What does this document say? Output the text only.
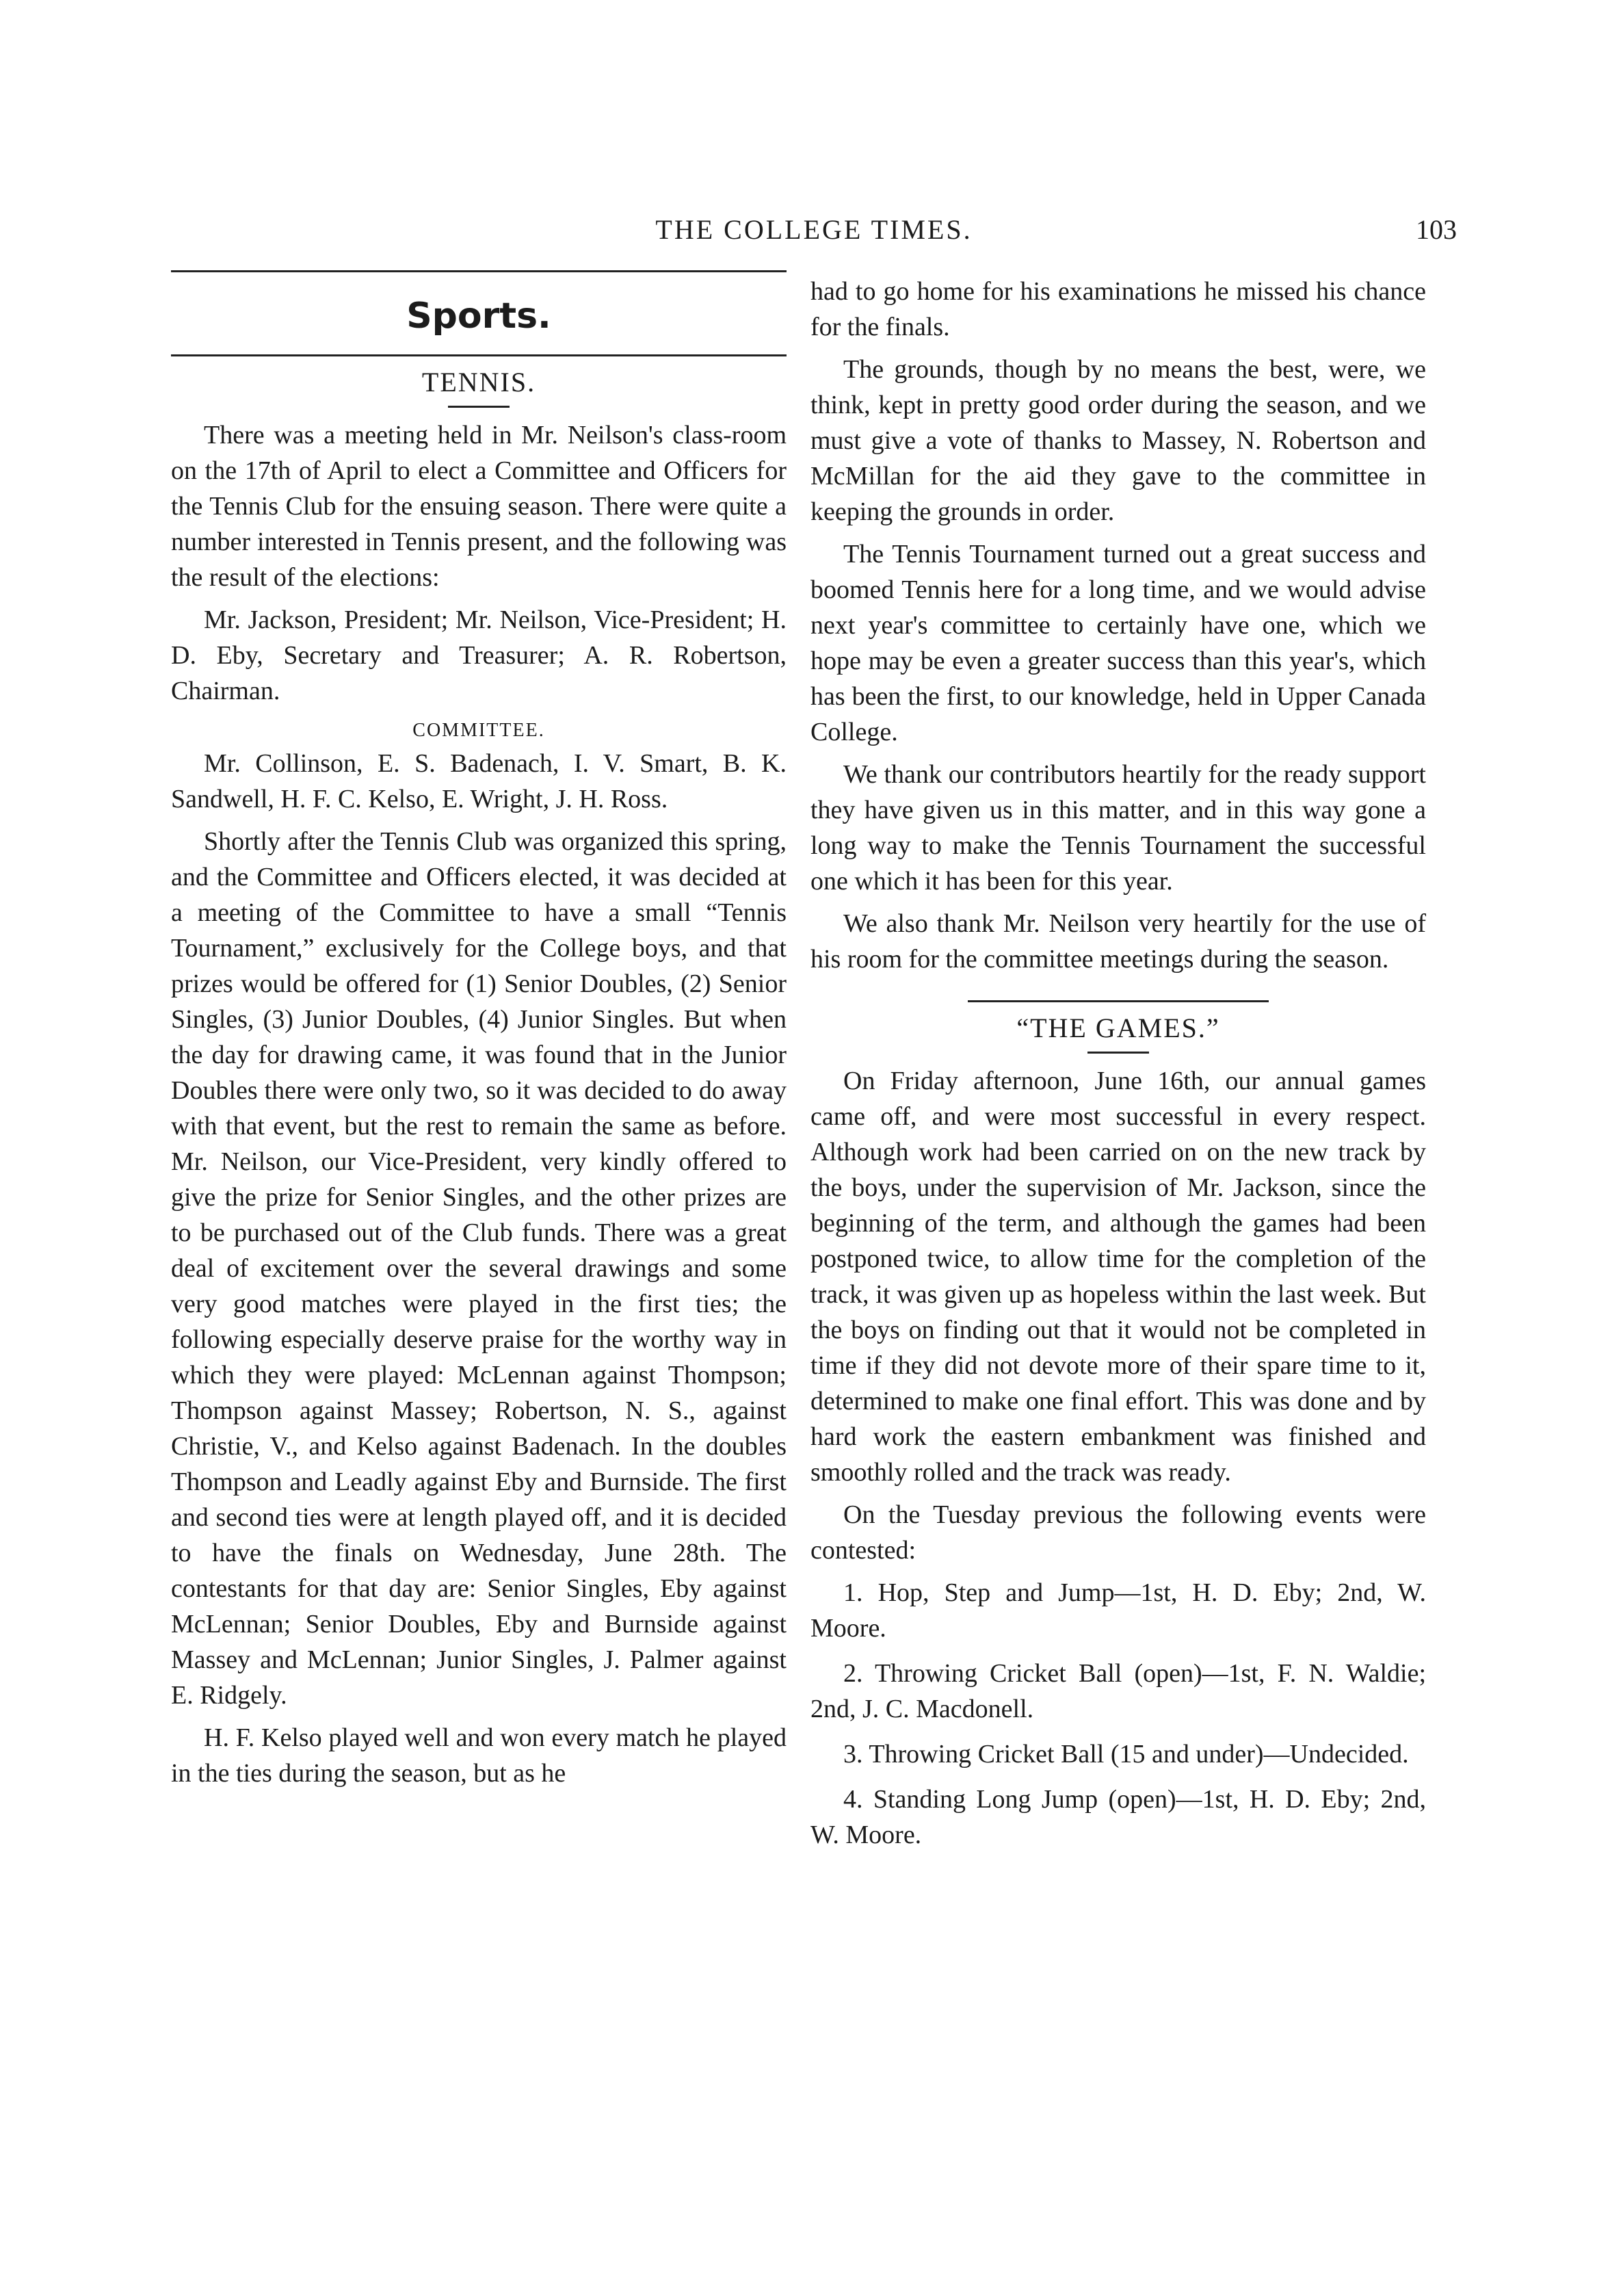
THE COLLEGE TIMES.	103
Sports.
TENNIS.

There was a meeting held in Mr. Neilson's class-room on the 17th of April to elect a Committee and Officers for the Tennis Club for the ensuing season. There were quite a number interested in Tennis present, and the following was the result of the elections:

Mr. Jackson, President; Mr. Neilson, Vice-President; H. D. Eby, Secretary and Treasurer; A. R. Robertson, Chairman.

COMMITTEE.

Mr. Collinson, E. S. Badenach, I. V. Smart, B. K. Sandwell, H. F. C. Kelso, E. Wright, J. H. Ross.

Shortly after the Tennis Club was organized this spring, and the Committee and Officers elected, it was decided at a meeting of the Committee to have a small “Tennis Tournament,” exclusively for the College boys, and that prizes would be offered for (1) Senior Doubles, (2) Senior Singles, (3) Junior Doubles, (4) Junior Singles. But when the day for drawing came, it was found that in the Junior Doubles there were only two, so it was decided to do away with that event, but the rest to remain the same as before. Mr. Neilson, our Vice-President, very kindly offered to give the prize for Senior Singles, and the other prizes are to be purchased out of the Club funds. There was a great deal of excitement over the several drawings and some very good matches were played in the first ties; the following especially deserve praise for the worthy way in which they were played: McLennan against Thompson; Thompson against Massey; Robertson, N. S., against Christie, V., and Kelso against Badenach. In the doubles Thompson and Leadly against Eby and Burnside. The first and second ties were at length played off, and it is decided to have the finals on Wednesday, June 28th. The contestants for that day are: Senior Singles, Eby against McLennan; Senior Doubles, Eby and Burnside against Massey and McLennan; Junior Singles, J. Palmer against E. Ridgely.

H. F. Kelso played well and won every match he played in the ties during the season, but as he

had to go home for his examinations he missed his chance for the finals.

The grounds, though by no means the best, were, we think, kept in pretty good order during the season, and we must give a vote of thanks to Massey, N. Robertson and McMillan for the aid they gave to the committee in keeping the grounds in order.

The Tennis Tournament turned out a great success and boomed Tennis here for a long time, and we would advise next year's committee to certainly have one, which we hope may be even a greater success than this year's, which has been the first, to our knowledge, held in Upper Canada College.

We thank our contributors heartily for the ready support they have given us in this matter, and in this way gone a long way to make the Tennis Tournament the successful one which it has been for this year.

We also thank Mr. Neilson very heartily for the use of his room for the committee meetings during the season.

“THE GAMES.”

On Friday afternoon, June 16th, our annual games came off, and were most successful in every respect. Although work had been carried on on the new track by the boys, under the supervision of Mr. Jackson, since the beginning of the term, and although the games had been postponed twice, to allow time for the completion of the track, it was given up as hopeless within the last week. But the boys on finding out that it would not be completed in time if they did not devote more of their spare time to it, determined to make one final effort. This was done and by hard work the eastern embankment was finished and smoothly rolled and the track was ready.

On the Tuesday previous the following events were contested:

1. Hop, Step and Jump—1st, H. D. Eby; 2nd, W. Moore.

2. Throwing Cricket Ball (open)—1st, F. N. Waldie; 2nd, J. C. Macdonell.

3. Throwing Cricket Ball (15 and under)—Undecided.

4. Standing Long Jump (open)—1st, H. D. Eby; 2nd, W. Moore.
